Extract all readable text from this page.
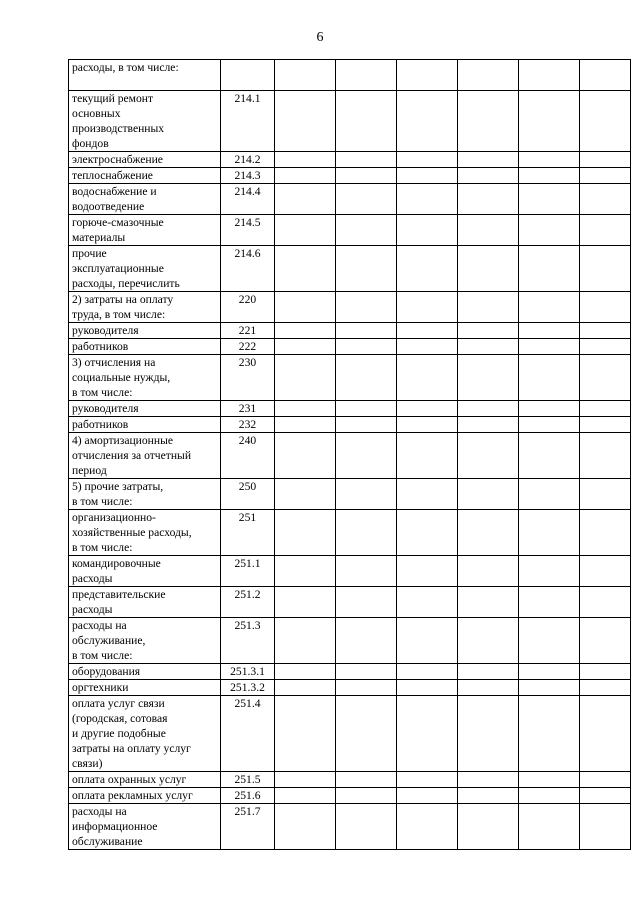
6
расходы, в том числе:							

текущий ремонт
основных
производственных
фондов	214.1						

электроснабжение	214.2						

теплоснабжение	214.3						

водоснабжение и
водоотведение	214.4						

горюче-смазочные
материалы	214.5						

прочие
эксплуатационные
расходы, перечислить	214.6						

2) затраты на оплату
труда, в том числе:	220						

руководителя	221						

работников	222						

3) отчисления на
социальные нужды,
в том числе:	230						

руководителя	231						

работников	232						

4) амортизационные
отчисления за отчетный
период	240						

5) прочие затраты,
в том числе:	250						

организационно-
хозяйственные расходы,
в том числе:	251						

командировочные
расходы	251.1						

представительские
расходы	251.2						

расходы на
обслуживание,
в том числе:	251.3						

оборудования	251.3.1						

оргтехники	251.3.2						

оплата услуг связи
(городская, сотовая
и другие подобные
затраты на оплату услуг
связи)	251.4						

оплата охранных услуг	251.5						

оплата рекламных услуг	251.6						

расходы на
информационное
обслуживание	251.7						
